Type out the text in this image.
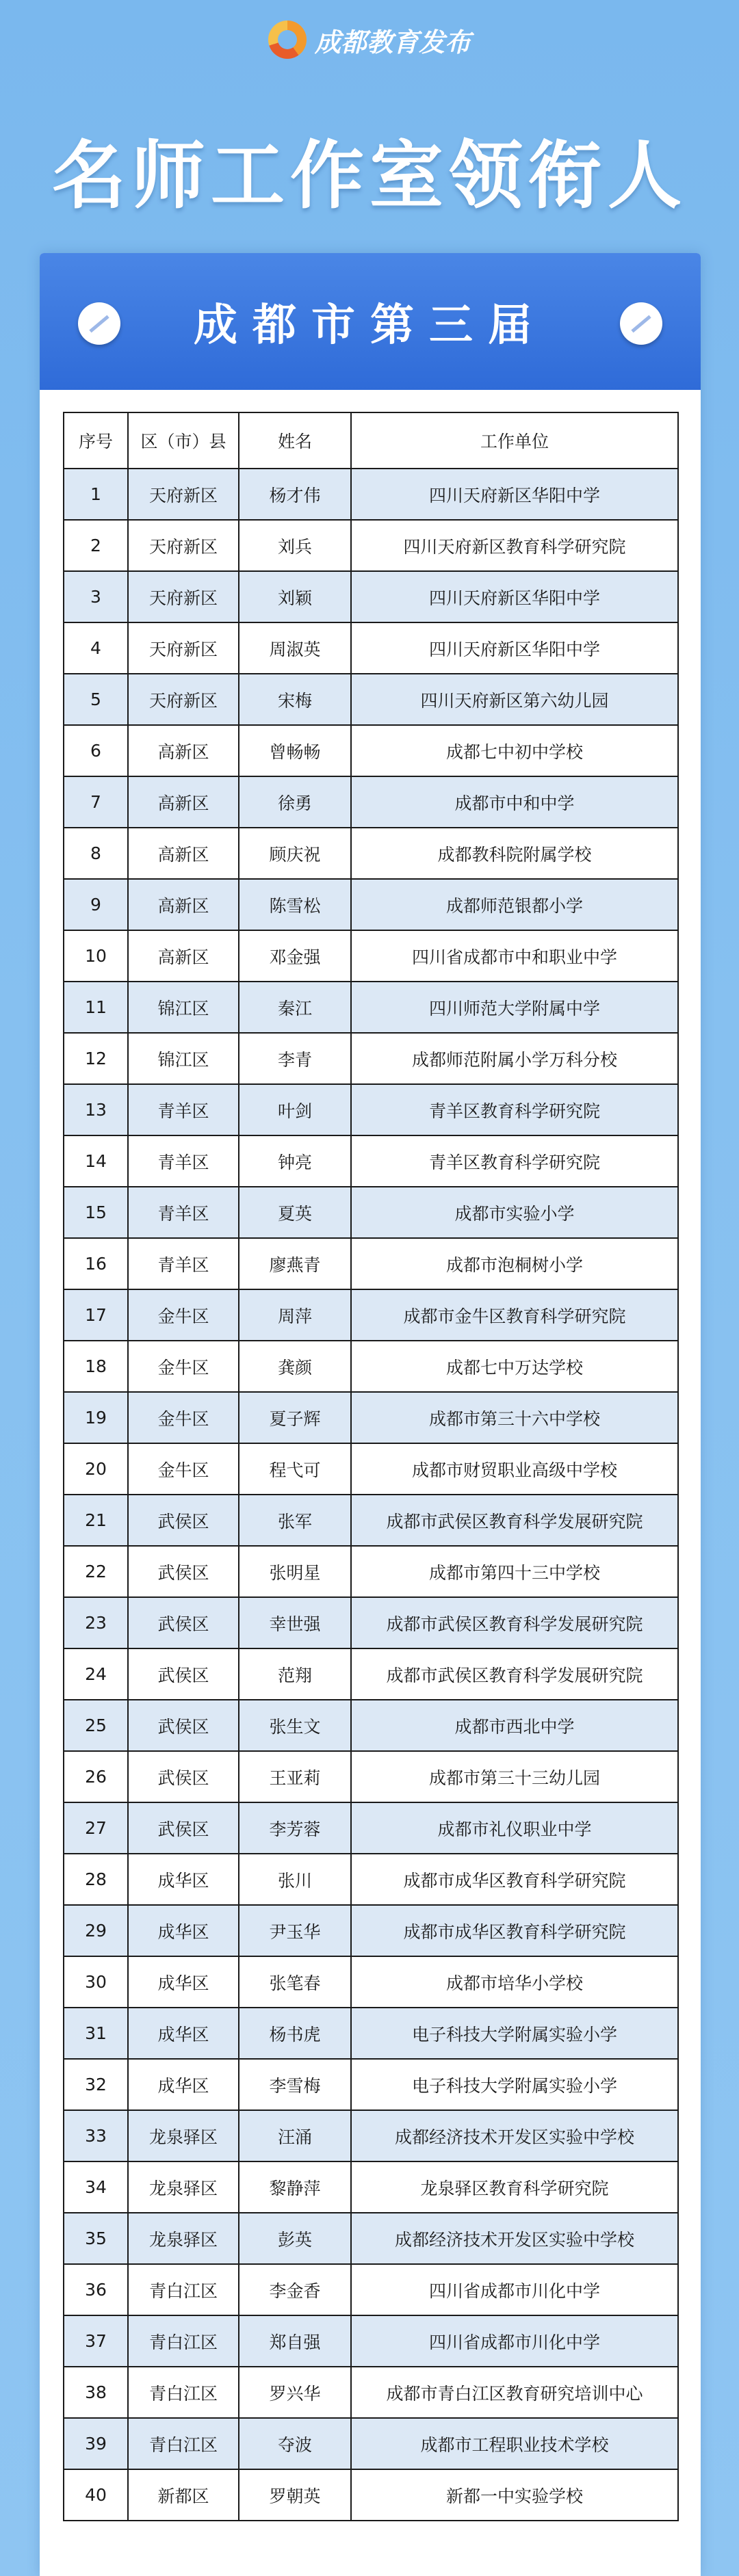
成都教育发布
名师工作室领衔人
成都市第三届
序号	区（市）县	姓名	工作单位
1	天府新区	杨才伟	四川天府新区华阳中学
2	天府新区	刘兵	四川天府新区教育科学研究院
3	天府新区	刘颖	四川天府新区华阳中学
4	天府新区	周淑英	四川天府新区华阳中学
5	天府新区	宋梅	四川天府新区第六幼儿园
6	高新区	曾畅畅	成都七中初中学校
7	高新区	徐勇	成都市中和中学
8	高新区	顾庆祝	成都教科院附属学校
9	高新区	陈雪松	成都师范银都小学
10	高新区	邓金强	四川省成都市中和职业中学
11	锦江区	秦江	四川师范大学附属中学
12	锦江区	李青	成都师范附属小学万科分校
13	青羊区	叶剑	青羊区教育科学研究院
14	青羊区	钟亮	青羊区教育科学研究院
15	青羊区	夏英	成都市实验小学
16	青羊区	廖燕青	成都市泡桐树小学
17	金牛区	周萍	成都市金牛区教育科学研究院
18	金牛区	龚颜	成都七中万达学校
19	金牛区	夏子辉	成都市第三十六中学校
20	金牛区	程弋可	成都市财贸职业高级中学校
21	武侯区	张军	成都市武侯区教育科学发展研究院
22	武侯区	张明星	成都市第四十三中学校
23	武侯区	幸世强	成都市武侯区教育科学发展研究院
24	武侯区	范翔	成都市武侯区教育科学发展研究院
25	武侯区	张生文	成都市西北中学
26	武侯区	王亚莉	成都市第三十三幼儿园
27	武侯区	李芳蓉	成都市礼仪职业中学
28	成华区	张川	成都市成华区教育科学研究院
29	成华区	尹玉华	成都市成华区教育科学研究院
30	成华区	张笔春	成都市培华小学校
31	成华区	杨书虎	电子科技大学附属实验小学
32	成华区	李雪梅	电子科技大学附属实验小学
33	龙泉驿区	汪涌	成都经济技术开发区实验中学校
34	龙泉驿区	黎静萍	龙泉驿区教育科学研究院
35	龙泉驿区	彭英	成都经济技术开发区实验中学校
36	青白江区	李金香	四川省成都市川化中学
37	青白江区	郑自强	四川省成都市川化中学
38	青白江区	罗兴华	成都市青白江区教育研究培训中心
39	青白江区	夺波	成都市工程职业技术学校
40	新都区	罗朝英	新都一中实验学校
